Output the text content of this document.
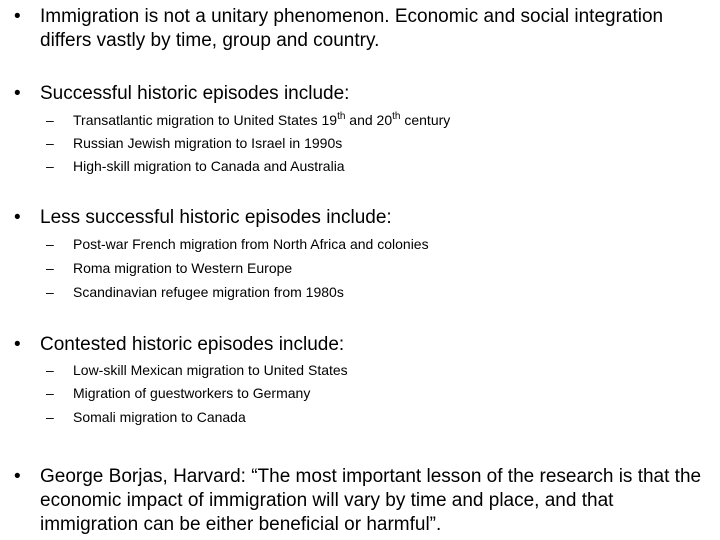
•	Immigration is not a unitary phenomenon. Economic and social integration differs vastly by time, group and country.
•	Successful historic episodes include:
–	Transatlantic migration to United States 19th and 20th century
–	Russian Jewish migration to Israel in 1990s
–	High-skill migration to Canada and Australia
•	Less successful historic episodes include:
–	Post-war French migration from North Africa and colonies
–	Roma migration to Western Europe
–	Scandinavian refugee migration from 1980s
•	Contested historic episodes include:
–	Low-skill Mexican migration to United States
–	Migration of guestworkers to Germany
–	Somali migration to Canada
•	George Borjas, Harvard: “The most important lesson of the research is that the economic impact of immigration will vary by time and place, and that immigration can be either beneficial or harmful”.
